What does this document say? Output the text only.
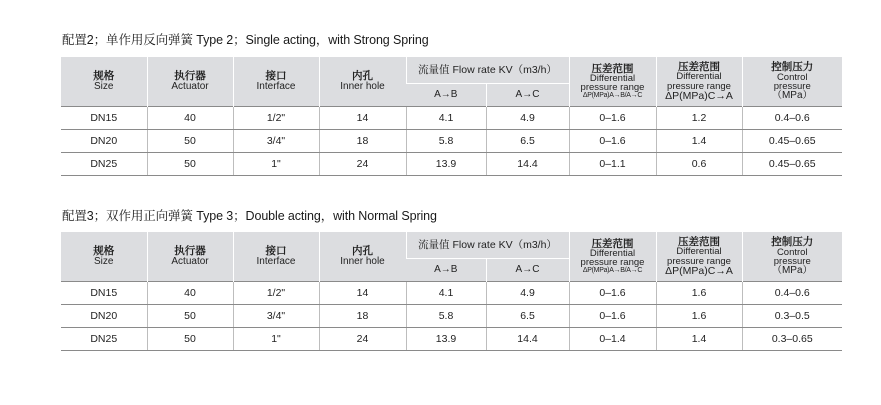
配置2；单作用反向弹簧 Type 2；Single acting，with Strong Spring
规格
Size	执行器
Actuator	接口
Interface	内孔
Inner hole	流量值 Flow rate KV（m3/h）		压差范围
Differential
pressure range
ΔP(MPa)A→B/A→C	压差范围
Differential
pressure range
ΔP(MPa)C→A	控制压力
Control
pressure
（MPa）

				A→B	A→C			
DN15	40	1/2"	14	4.1	4.9	0–1.6	1.2	0.4–0.6
DN20	50	3/4"	18	5.8	6.5	0–1.6	1.4	0.45–0.65
DN25	50	1"	24	13.9	14.4	0–1.1	0.6	0.45–0.65
配置3；双作用正向弹簧 Type 3；Double acting，with Normal Spring
规格
Size	执行器
Actuator	接口
Interface	内孔
Inner hole	流量值 Flow rate KV（m3/h）		压差范围
Differential
pressure range
ΔP(MPa)A→B/A→C	压差范围
Differential
pressure range
ΔP(MPa)C→A	控制压力
Control
pressure
（MPa）

				A→B	A→C			
DN15	40	1/2"	14	4.1	4.9	0–1.6	1.6	0.4–0.6
DN20	50	3/4"	18	5.8	6.5	0–1.6	1.6	0.3–0.5
DN25	50	1"	24	13.9	14.4	0–1.4	1.4	0.3–0.65
